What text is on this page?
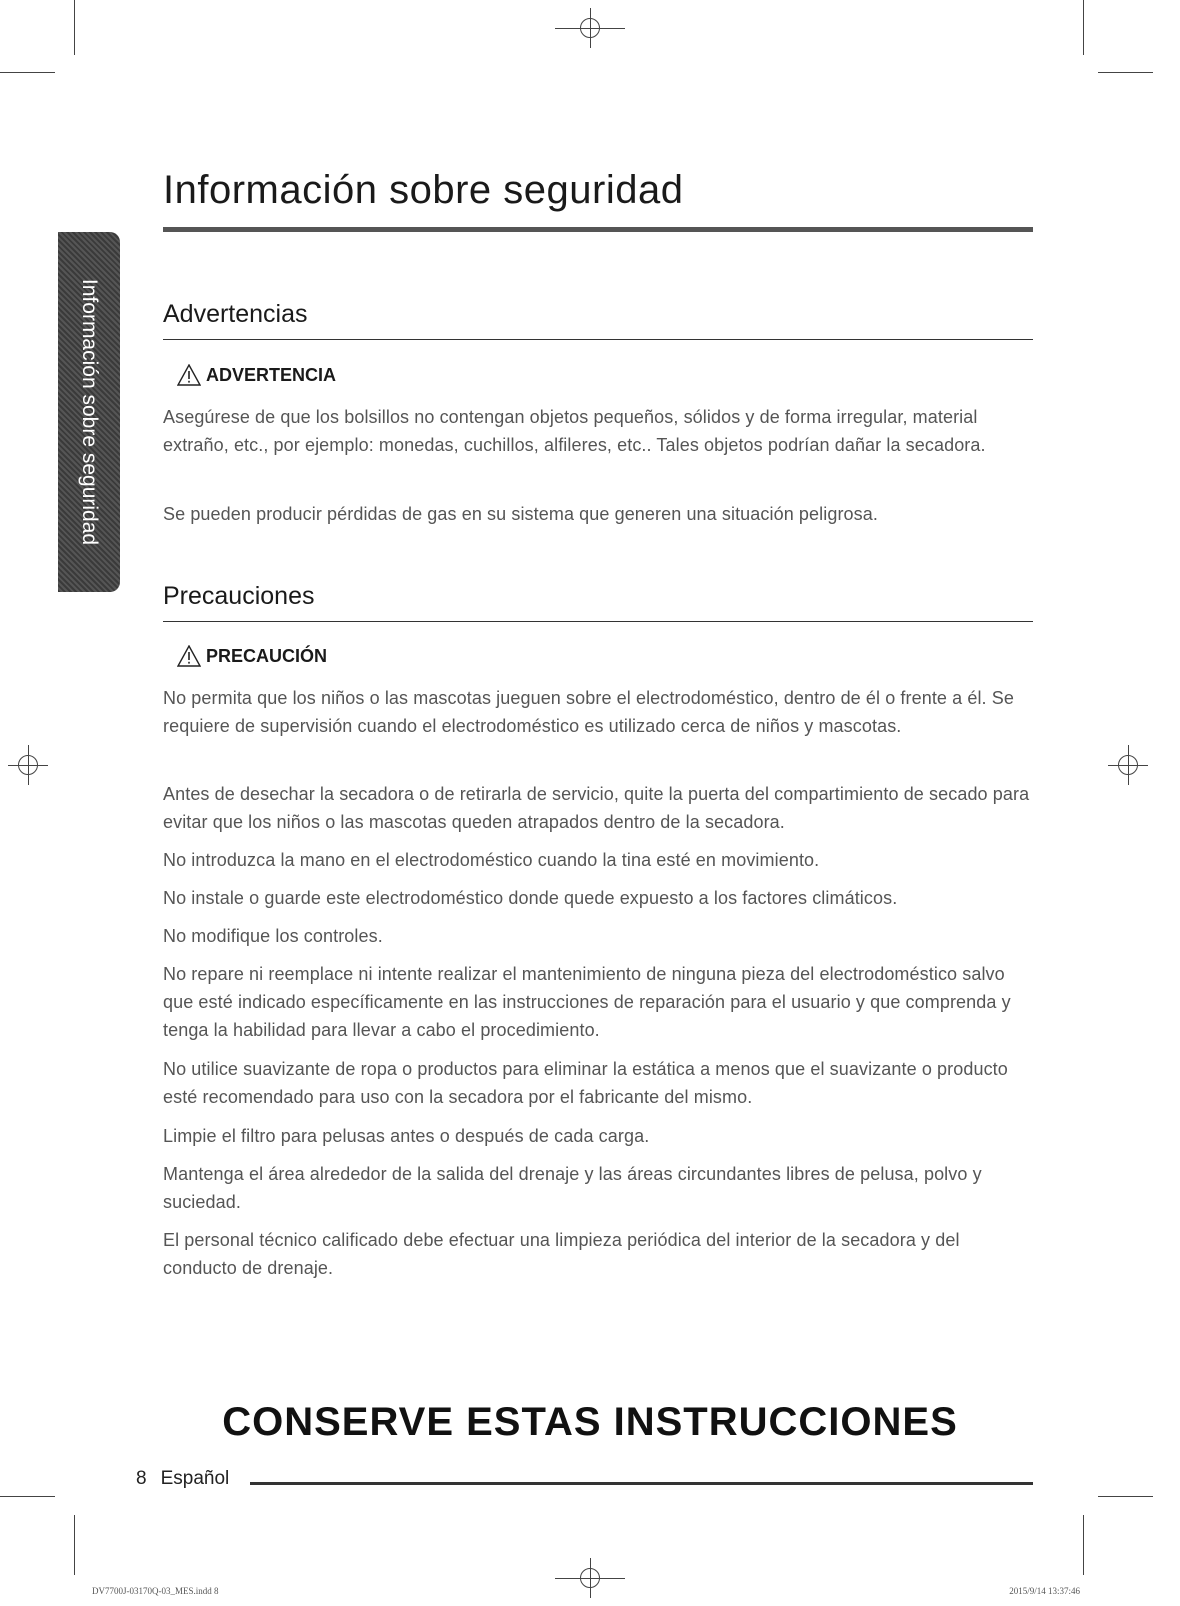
Información sobre seguridad
Información sobre seguridad Advertencias
ADVERTENCIA

Asegúrese de que los bolsillos no contengan objetos pequeños, sólidos y de forma irregular, material extraño, etc., por ejemplo: monedas, cuchillos, alfileres, etc.. Tales objetos podrían dañar la secadora.

Se pueden producir pérdidas de gas en su sistema que generen una situación peligrosa.

Precauciones
PRECAUCIÓN

No permita que los niños o las mascotas jueguen sobre el electrodoméstico, dentro de él o frente a él. Se requiere de supervisión cuando el electrodoméstico es utilizado cerca de niños y mascotas.

Antes de desechar la secadora o de retirarla de servicio, quite la puerta del compartimiento de secado para evitar que los niños o las mascotas queden atrapados dentro de la secadora.

No introduzca la mano en el electrodoméstico cuando la tina esté en movimiento.

No instale o guarde este electrodoméstico donde quede expuesto a los factores climáticos.

No modifique los controles.

No repare ni reemplace ni intente realizar el mantenimiento de ninguna pieza del electrodoméstico salvo que esté indicado específicamente en las instrucciones de reparación para el usuario y que comprenda y tenga la habilidad para llevar a cabo el procedimiento.

No utilice suavizante de ropa o productos para eliminar la estática a menos que el suavizante o producto esté recomendado para uso con la secadora por el fabricante del mismo.

Limpie el filtro para pelusas antes o después de cada carga.

Mantenga el área alrededor de la salida del drenaje y las áreas circundantes libres de pelusa, polvo y suciedad.

El personal técnico calificado debe efectuar una limpieza periódica del interior de la secadora y del conducto de drenaje.

CONSERVE ESTAS INSTRUCCIONES
8 Español
DV7700J-03170Q-03_MES.indd 8	2015/9/14 13:37:46
